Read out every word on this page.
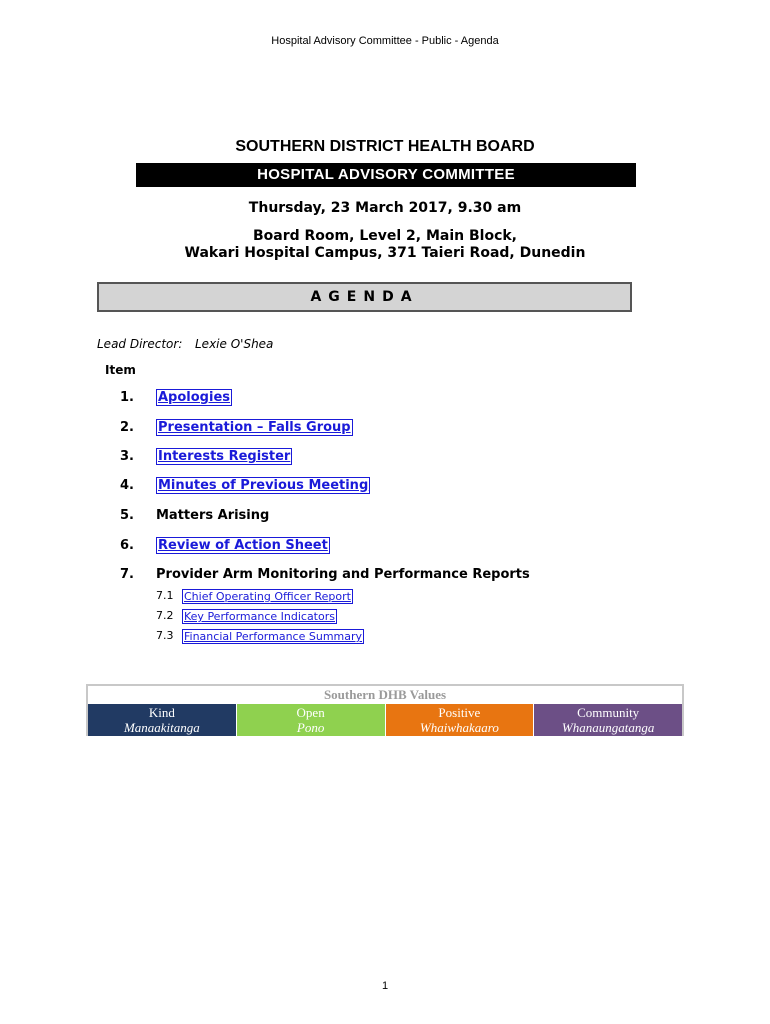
Hospital Advisory Committee - Public - Agenda
SOUTHERN DISTRICT HEALTH BOARD
HOSPITAL ADVISORY COMMITTEE
Thursday, 23 March 2017, 9.30 am
Board Room, Level 2, Main Block,
Wakari Hospital Campus, 371 Taieri Road, Dunedin
AGENDA
Lead Director: Lexie O'Shea
Item
1. Apologies
2. Presentation – Falls Group
3. Interests Register
4. Minutes of Previous Meeting
5. Matters Arising
6. Review of Action Sheet
7. Provider Arm Monitoring and Performance Reports
7.1 Chief Operating Officer Report
7.2 Key Performance Indicators
7.3 Financial Performance Summary
Southern DHB Values
Kind
Manaakitanga
Open
Pono
Positive
Whaiwhakaaro
Community
Whanaungatanga
1
